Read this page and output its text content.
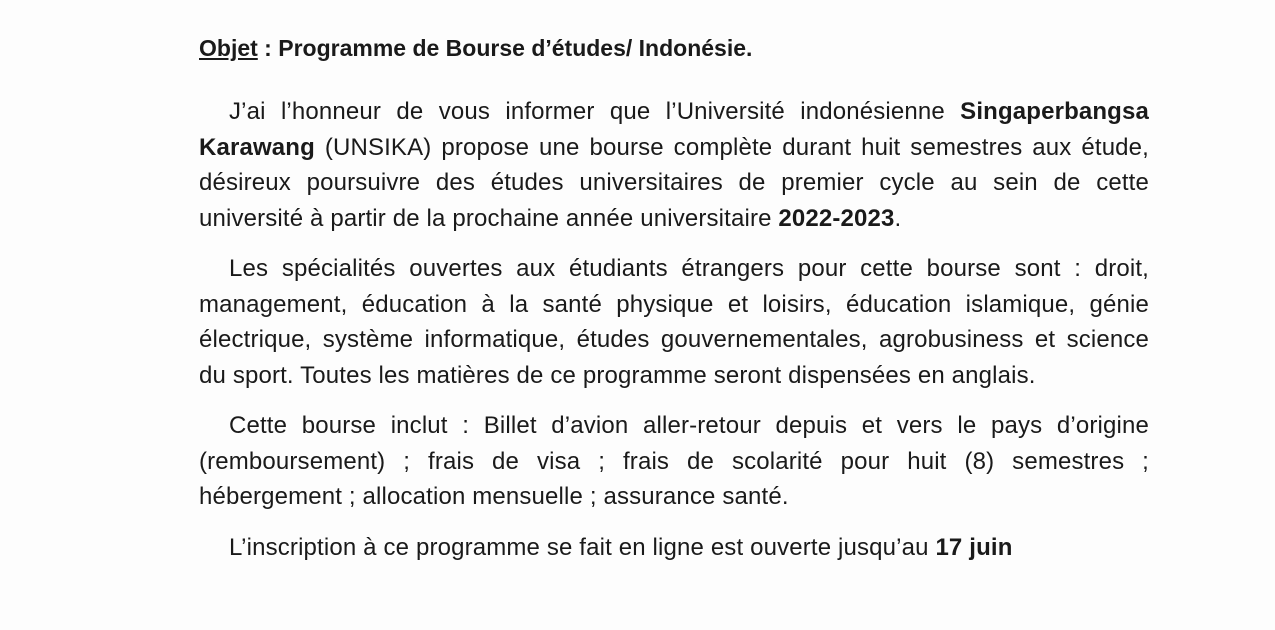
Objet : Programme de Bourse d’études/ Indonésie.

J’ai l’honneur de vous informer que l’Université indonésienne Singaperbangsa Karawang (UNSIKA) propose une bourse complète durant huit semestres aux étude, désireux poursuivre des études universitaires de premier cycle au sein de cette université à partir de la prochaine année universitaire 2022-2023.

Les spécialités ouvertes aux étudiants étrangers pour cette bourse sont : droit, management, éducation à la santé physique et loisirs, éducation islamique, génie électrique, système informatique, études gouvernementales, agrobusiness et science du sport. Toutes les matières de ce programme seront dispensées en anglais.

Cette bourse inclut : Billet d’avion aller-retour depuis et vers le pays d’origine (remboursement) ; frais de visa ; frais de scolarité pour huit (8) semestres ; hébergement ; allocation mensuelle ; assurance santé.

L’inscription à ce programme se fait en ligne est ouverte jusqu’au 17 juin
